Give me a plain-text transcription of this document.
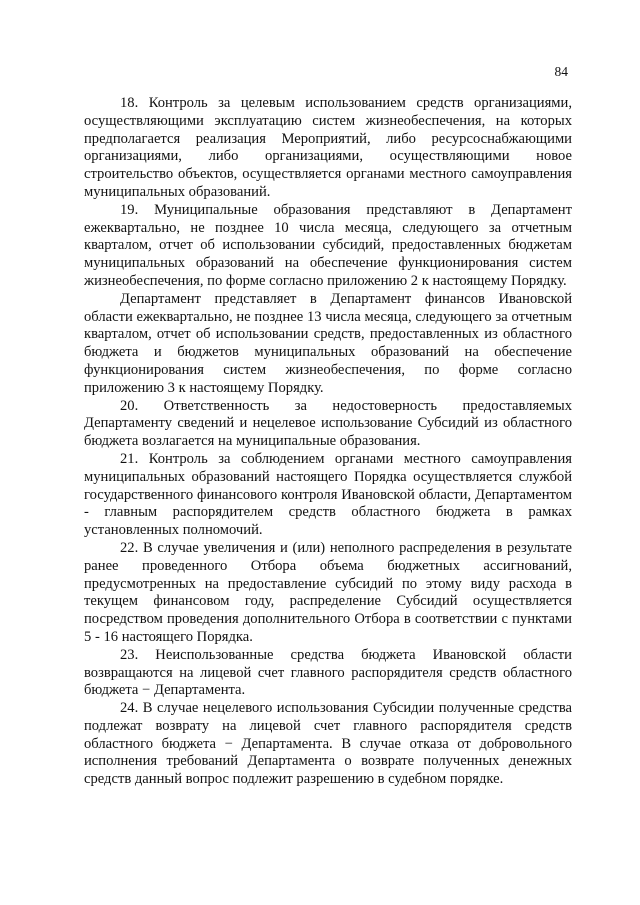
84

18. Контроль за целевым использованием средств организациями, осуществляющими эксплуатацию систем жизнеобеспечения, на которых предполагается реализация Мероприятий, либо ресурсоснабжающими организациями, либо организациями, осуществляющими новое строительство объектов, осуществляется органами местного самоуправления муниципальных образований.

19. Муниципальные образования представляют в Департамент ежеквартально, не позднее 10 числа месяца, следующего за отчетным кварталом, отчет об использовании субсидий, предоставленных бюджетам муниципальных образований на обеспечение функционирования систем жизнеобеспечения, по форме согласно приложению 2 к настоящему Порядку.

Департамент представляет в Департамент финансов Ивановской области ежеквартально, не позднее 13 числа месяца, следующего за отчетным кварталом, отчет об использовании средств, предоставленных из областного бюджета и бюджетов муниципальных образований на обеспечение функционирования систем жизнеобеспечения, по форме согласно приложению 3 к настоящему Порядку.

20. Ответственность за недостоверность предоставляемых Департаменту сведений и нецелевое использование Субсидий из областного бюджета возлагается на муниципальные образования.

21. Контроль за соблюдением органами местного самоуправления муниципальных образований настоящего Порядка осуществляется службой государственного финансового контроля Ивановской области, Департаментом - главным распорядителем средств областного бюджета в рамках установленных полномочий.

22. В случае увеличения и (или) неполного распределения в результате ранее проведенного Отбора объема бюджетных ассигнований, предусмотренных на предоставление субсидий по этому виду расхода в текущем финансовом году, распределение Субсидий осуществляется посредством проведения дополнительного Отбора в соответствии с пунктами 5 - 16 настоящего Порядка.

23. Неиспользованные средства бюджета Ивановской области возвращаются на лицевой счет главного распорядителя средств областного бюджета − Департамента.

24. В случае нецелевого использования Субсидии полученные средства подлежат возврату на лицевой счет главного распорядителя средств областного бюджета − Департамента. В случае отказа от добровольного исполнения требований Департамента о возврате полученных денежных средств данный вопрос подлежит разрешению в судебном порядке.
